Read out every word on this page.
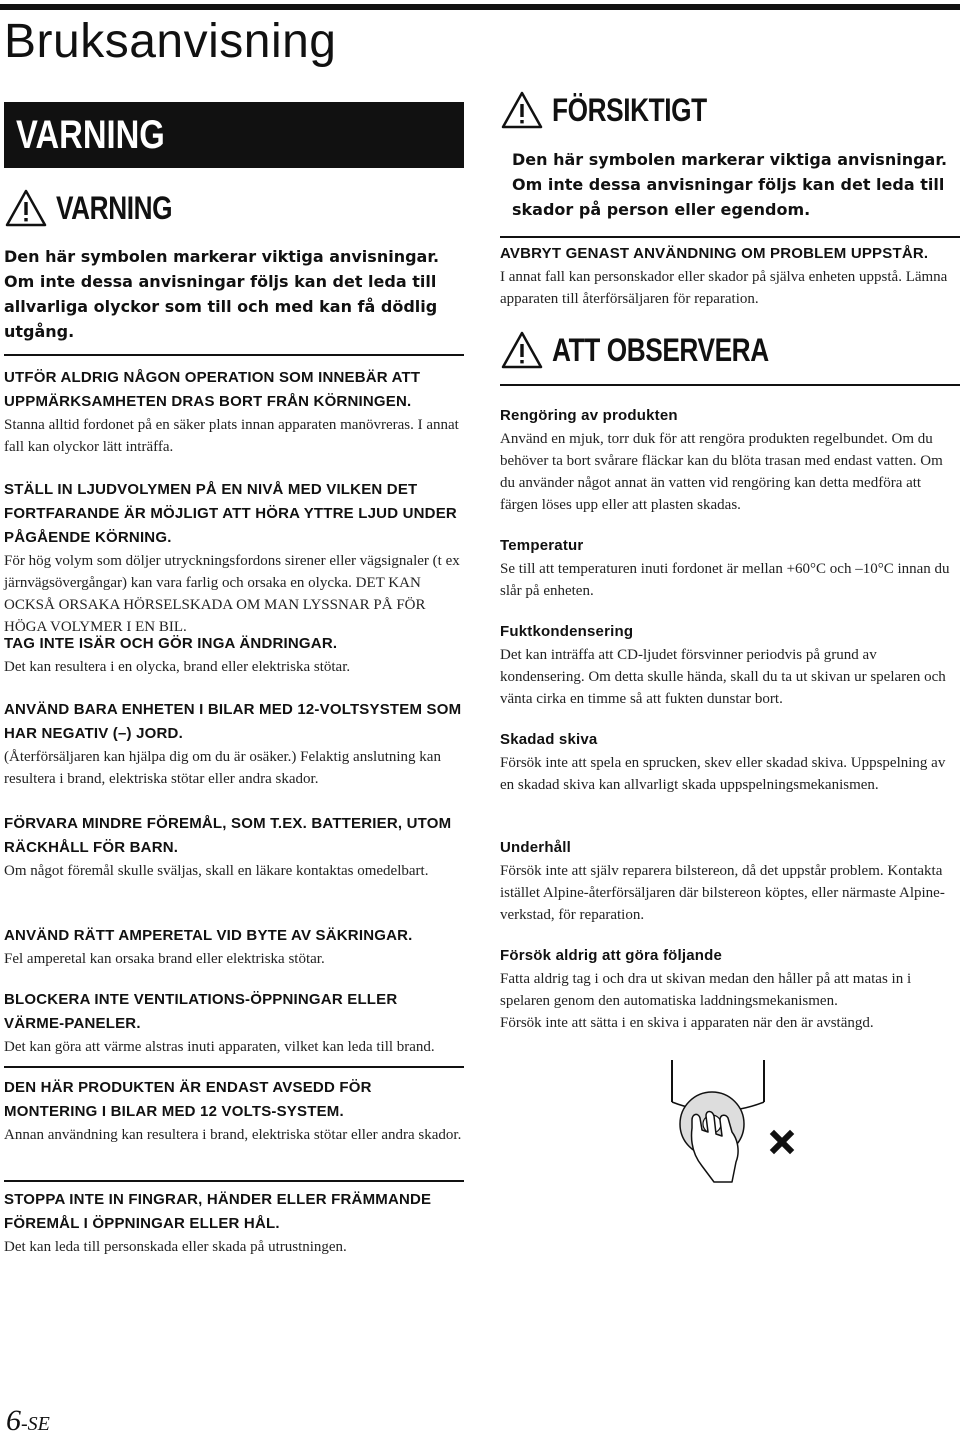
Bruksanvisning
VARNING
VARNING
Den här symbolen markerar viktiga anvisningar. Om inte dessa anvisningar följs kan det leda till allvarliga olyckor som till och med kan få dödlig utgång.
UTFÖR ALDRIG NÅGON OPERATION SOM INNEBÄR ATT UPPMÄRKSAMHETEN DRAS BORT FRÅN KÖRNINGEN.
Stanna alltid fordonet på en säker plats innan apparaten manövreras. I annat fall kan olyckor lätt inträffa.
STÄLL IN LJUDVOLYMEN PÅ EN NIVÅ MED VILKEN DET FORTFARANDE ÄR MÖJLIGT ATT HÖRA YTTRE LJUD UNDER PÅGÅENDE KÖRNING.
För hög volym som döljer utryckningsfordons sirener eller vägsignaler (t ex järnvägsövergångar) kan vara farlig och orsaka en olycka. DET KAN OCKSÅ ORSAKA HÖRSELSKADA OM MAN LYSSNAR PÅ FÖR HÖGA VOLYMER I EN BIL.
TAG INTE ISÄR OCH GÖR INGA ÄNDRINGAR.
Det kan resultera i en olycka, brand eller elektriska stötar.
ANVÄND BARA ENHETEN I BILAR MED 12-VOLTSYSTEM SOM HAR NEGATIV (–) JORD.
(Återförsäljaren kan hjälpa dig om du är osäker.) Felaktig anslutning kan resultera i brand, elektriska stötar eller andra skador.
FÖRVARA MINDRE FÖREMÅL, SOM T.EX. BATTERIER, UTOM RÄCKHÅLL FÖR BARN.
Om något föremål skulle sväljas, skall en läkare kontaktas omedelbart.
ANVÄND RÄTT AMPERETAL VID BYTE AV SÄKRINGAR.
Fel amperetal kan orsaka brand eller elektriska stötar.
BLOCKERA INTE VENTILATIONS-ÖPPNINGAR ELLER VÄRME-PANELER.
Det kan göra att värme alstras inuti apparaten, vilket kan leda till brand.
DEN HÄR PRODUKTEN ÄR ENDAST AVSEDD FÖR MONTERING I BILAR MED 12 VOLTS-SYSTEM.
Annan användning kan resultera i brand, elektriska stötar eller andra skador.
STOPPA INTE IN FINGRAR, HÄNDER ELLER FRÄMMANDE FÖREMÅL I ÖPPNINGAR ELLER HÅL.
Det kan leda till personskada eller skada på utrustningen.
FÖRSIKTIGT
Den här symbolen markerar viktiga anvisningar. Om inte dessa anvisningar följs kan det leda till skador på person eller egendom.
AVBRYT GENAST ANVÄNDNING OM PROBLEM UPPSTÅR.
I annat fall kan personskador eller skador på själva enheten uppstå. Lämna apparaten till återförsäljaren för reparation.
ATT OBSERVERA
Rengöring av produkten
Använd en mjuk, torr duk för att rengöra produkten regelbundet. Om du behöver ta bort svårare fläckar kan du blöta trasan med endast vatten. Om du använder något annat än vatten vid rengöring kan detta medföra att färgen löses upp eller att plasten skadas.
Temperatur
Se till att temperaturen inuti fordonet är mellan +60°C och –10°C innan du slår på enheten.
Fuktkondensering
Det kan inträffa att CD-ljudet försvinner periodvis på grund av kondensering. Om detta skulle hända, skall du ta ut skivan ur spelaren och vänta cirka en timme så att fukten dunstar bort.
Skadad skiva
Försök inte att spela en sprucken, skev eller skadad skiva. Uppspelning av en skadad skiva kan allvarligt skada uppspelningsmekanismen.
Underhåll
Försök inte att själv reparera bilstereon, då det uppstår problem. Kontakta istället Alpine-återförsäljaren där bilstereon köptes, eller närmaste Alpine-verkstad, för reparation.
Försök aldrig att göra följande
Fatta aldrig tag i och dra ut skivan medan den håller på att matas in i spelaren genom den automatiska laddningsmekanismen.
Försök inte att sätta i en skiva i apparaten när den är avstängd.
6-SE
